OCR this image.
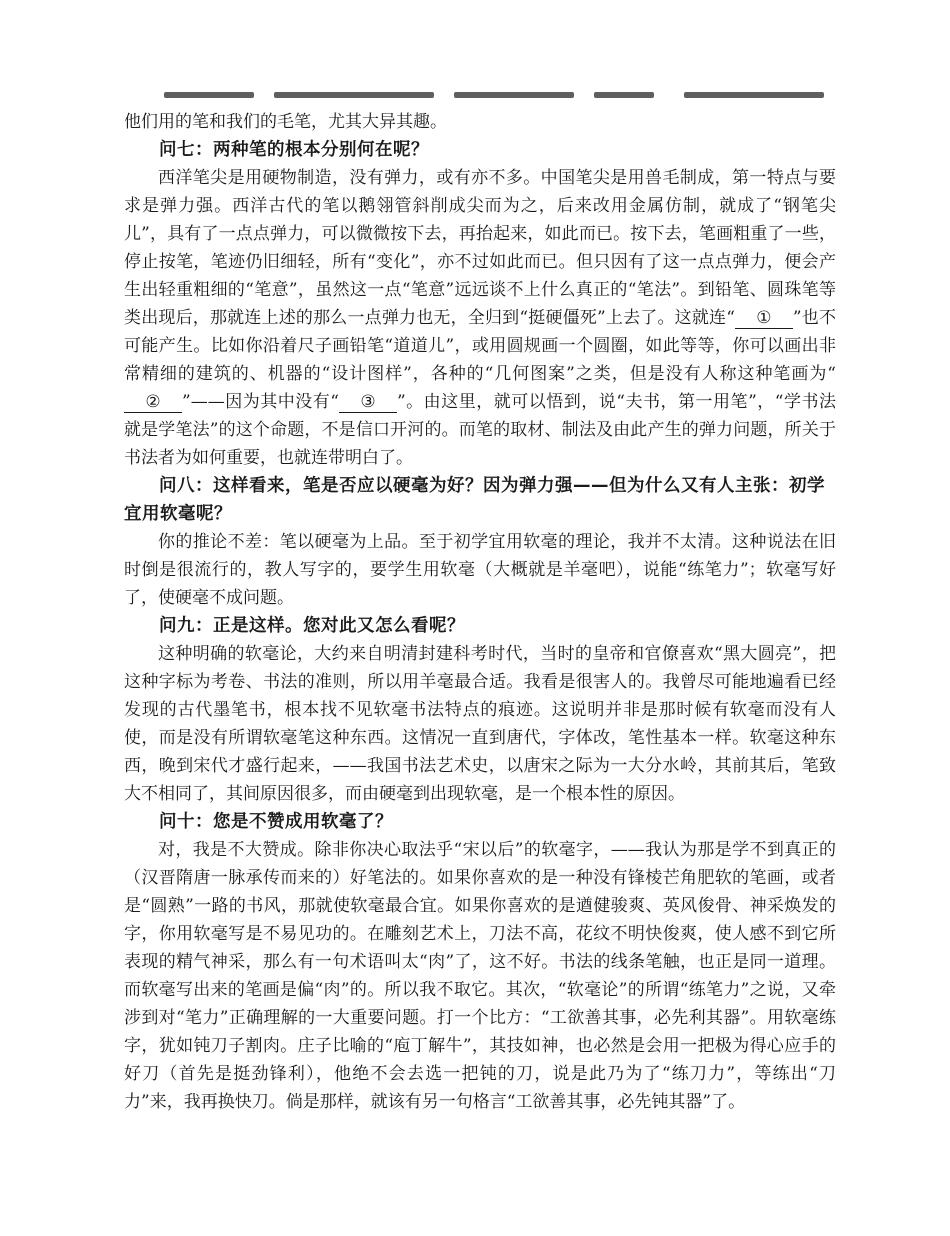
他们用的笔和我们的毛笔，尤其大异其趣。

问七：两种笔的根本分别何在呢？

西洋笔尖是用硬物制造，没有弹力，或有亦不多。中国笔尖是用兽毛制成，第一特点与要求是弹力强。西洋古代的笔以鹅翎管斜削成尖而为之，后来改用金属仿制，就成了“钢笔尖儿”，具有了一点点弹力，可以微微按下去，再抬起来，如此而已。按下去，笔画粗重了一些，停止按笔，笔迹仍旧细轻，所有“变化”，亦不过如此而已。但只因有了这一点点弹力，便会产生出轻重粗细的“笔意”，虽然这一点“笔意”远远谈不上什么真正的“笔法”。到铅笔、圆珠笔等类出现后，那就连上述的那么一点弹力也无，全归到“挺硬僵死”上去了。这就连“ ① ”也不可能产生。比如你沿着尺子画铅笔“道道儿”，或用圆规画一个圆圈，如此等等，你可以画出非常精细的建筑的、机器的“设计图样”，各种的“几何图案”之类，但是没有人称这种笔画为“② ”——因为其中没有“ ③ ”。由这里，就可以悟到，说“夫书，第一用笔”，“学书法就是学笔法”的这个命题，不是信口开河的。而笔的取材、制法及由此产生的弹力问题，所关于书法者为如何重要，也就连带明白了。

问八：这样看来，笔是否应以硬毫为好？因为弹力强——但为什么又有人主张：初学宜用软毫呢？

你的推论不差：笔以硬毫为上品。至于初学宜用软毫的理论，我并不太清。这种说法在旧时倒是很流行的，教人写字的，要学生用软毫（大概就是羊毫吧），说能“练笔力”；软毫写好了，使硬毫不成问题。

问九：正是这样。您对此又怎么看呢？

这种明确的软毫论，大约来自明清封建科考时代，当时的皇帝和官僚喜欢“黑大圆亮”，把这种字标为考卷、书法的准则，所以用羊毫最合适。我看是很害人的。我曾尽可能地遍看已经发现的古代墨笔书，根本找不见软毫书法特点的痕迹。这说明并非是那时候有软毫而没有人使，而是没有所谓软毫笔这种东西。这情况一直到唐代，字体改，笔性基本一样。软毫这种东西，晚到宋代才盛行起来，——我国书法艺术史，以唐宋之际为一大分水岭，其前其后，笔致大不相同了，其间原因很多，而由硬毫到出现软毫，是一个根本性的原因。

问十：您是不赞成用软毫了？

对，我是不大赞成。除非你决心取法乎“宋以后”的软毫字，——我认为那是学不到真正的（汉晋隋唐一脉承传而来的）好笔法的。如果你喜欢的是一种没有锋棱芒角肥软的笔画，或者是“圆熟”一路的书风，那就使软毫最合宜。如果你喜欢的是遒健骏爽、英风俊骨、神采焕发的字，你用软毫写是不易见功的。在雕刻艺术上，刀法不高，花纹不明快俊爽，使人感不到它所表现的精气神采，那么有一句术语叫太“肉”了，这不好。书法的线条笔触，也正是同一道理。而软毫写出来的笔画是偏“肉”的。所以我不取它。其次，“软毫论”的所谓“练笔力”之说，又牵涉到对“笔力”正确理解的一大重要问题。打一个比方：“工欲善其事，必先利其器”。用软毫练字，犹如钝刀子割肉。庄子比喻的“庖丁解牛”，其技如神，也必然是会用一把极为得心应手的好刀（首先是挺劲锋利），他绝不会去选一把钝的刀，说是此乃为了“练刀力”，等练出“刀力”来，我再换快刀。倘是那样，就该有另一句格言“工欲善其事，必先钝其器”了。
